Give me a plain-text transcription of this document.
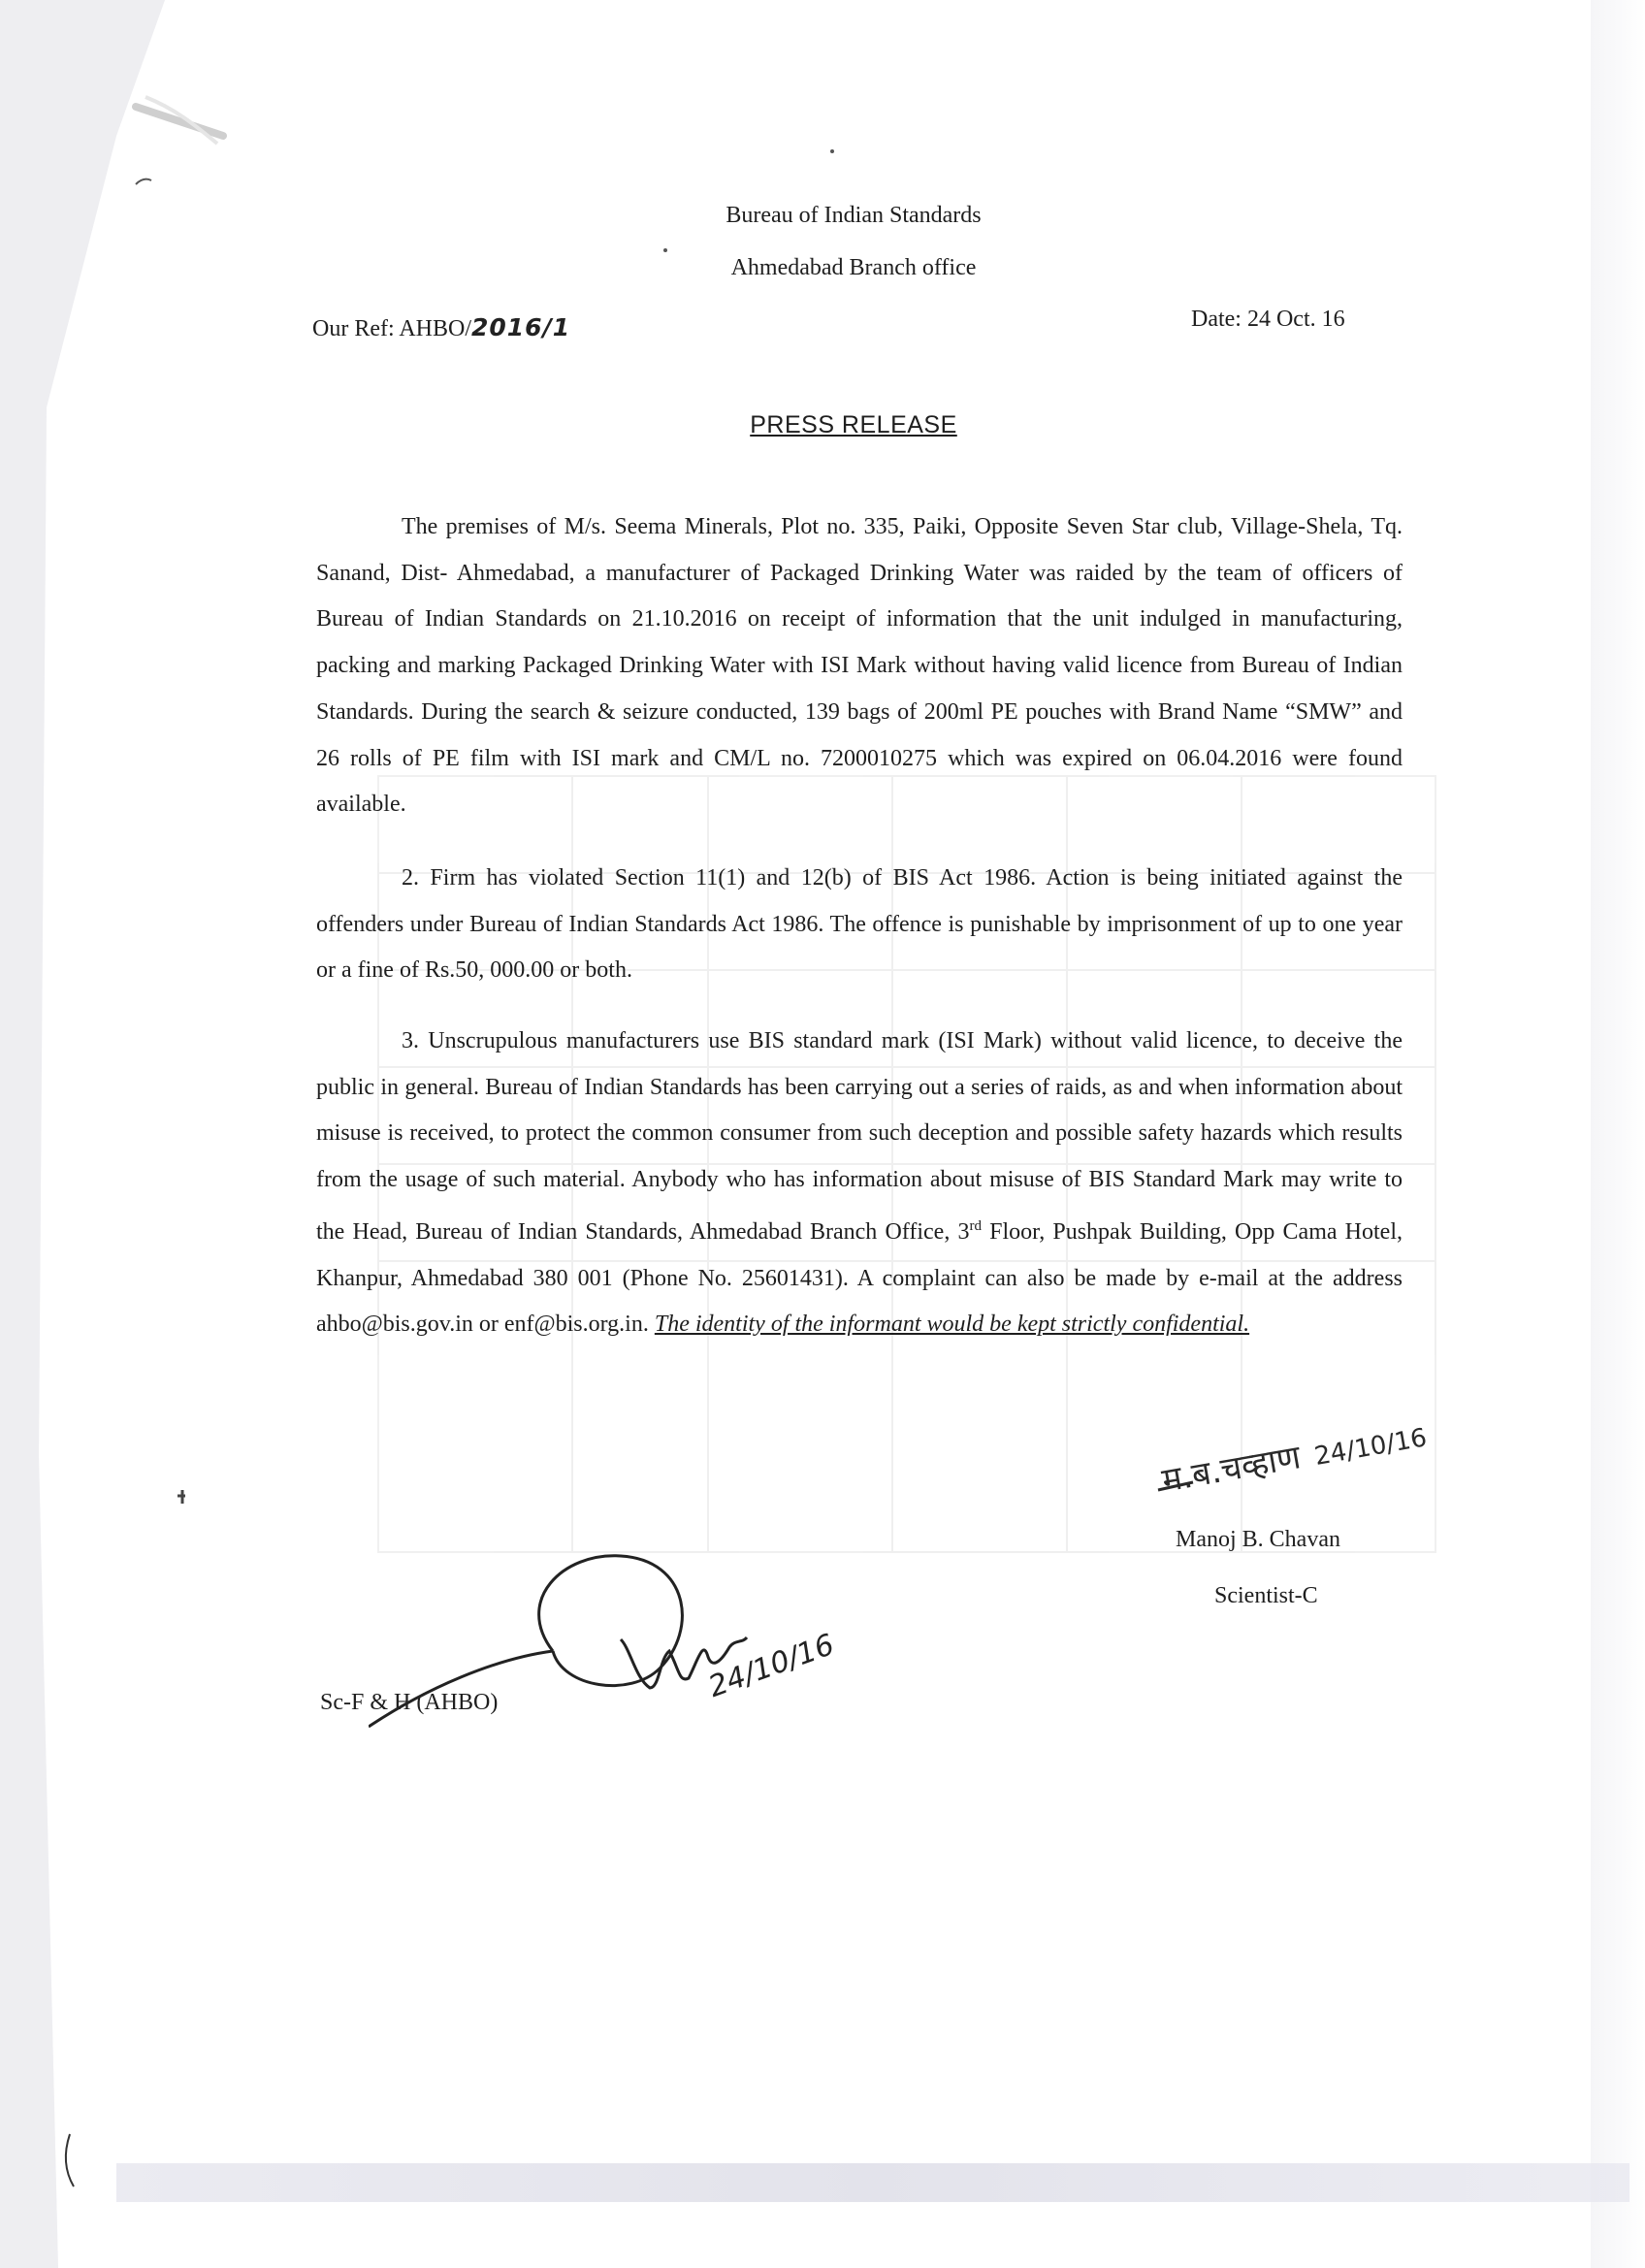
Bureau of Indian Standards
Ahmedabad Branch office
Our Ref: AHBO/2016/1	Date: 24 Oct. 16
PRESS RELEASE
The premises of M/s. Seema Minerals, Plot no. 335, Paiki, Opposite Seven Star club, Village-Shela, Tq. Sanand, Dist- Ahmedabad, a manufacturer of Packaged Drinking Water was raided by the team of officers of Bureau of Indian Standards on 21.10.2016 on receipt of information that the unit indulged in manufacturing, packing and marking Packaged Drinking Water with ISI Mark without having valid licence from Bureau of Indian Standards. During the search & seizure conducted, 139 bags of 200ml PE pouches with Brand Name “SMW” and 26 rolls of PE film with ISI mark and CM/L no. 7200010275 which was expired on 06.04.2016 were found available.
2. Firm has violated Section 11(1) and 12(b) of BIS Act 1986. Action is being initiated against the offenders under Bureau of Indian Standards Act 1986. The offence is punishable by imprisonment of up to one year or a fine of Rs.50, 000.00 or both.
3. Unscrupulous manufacturers use BIS standard mark (ISI Mark) without valid licence, to deceive the public in general. Bureau of Indian Standards has been carrying out a series of raids, as and when information about misuse is received, to protect the common consumer from such deception and possible safety hazards which results from the usage of such material. Anybody who has information about misuse of BIS Standard Mark may write to the Head, Bureau of Indian Standards, Ahmedabad Branch Office, 3rd Floor, Pushpak Building, Opp Cama Hotel, Khanpur, Ahmedabad 380 001 (Phone No. 25601431). A complaint can also be made by e-mail at the address ahbo@bis.gov.in or enf@bis.org.in. The identity of the informant would be kept strictly confidential.
म.ब.चव्हाण 24/10/16
Manoj B. Chavan
Scientist-C
Sc-F & H (AHBO)	24/10/16
